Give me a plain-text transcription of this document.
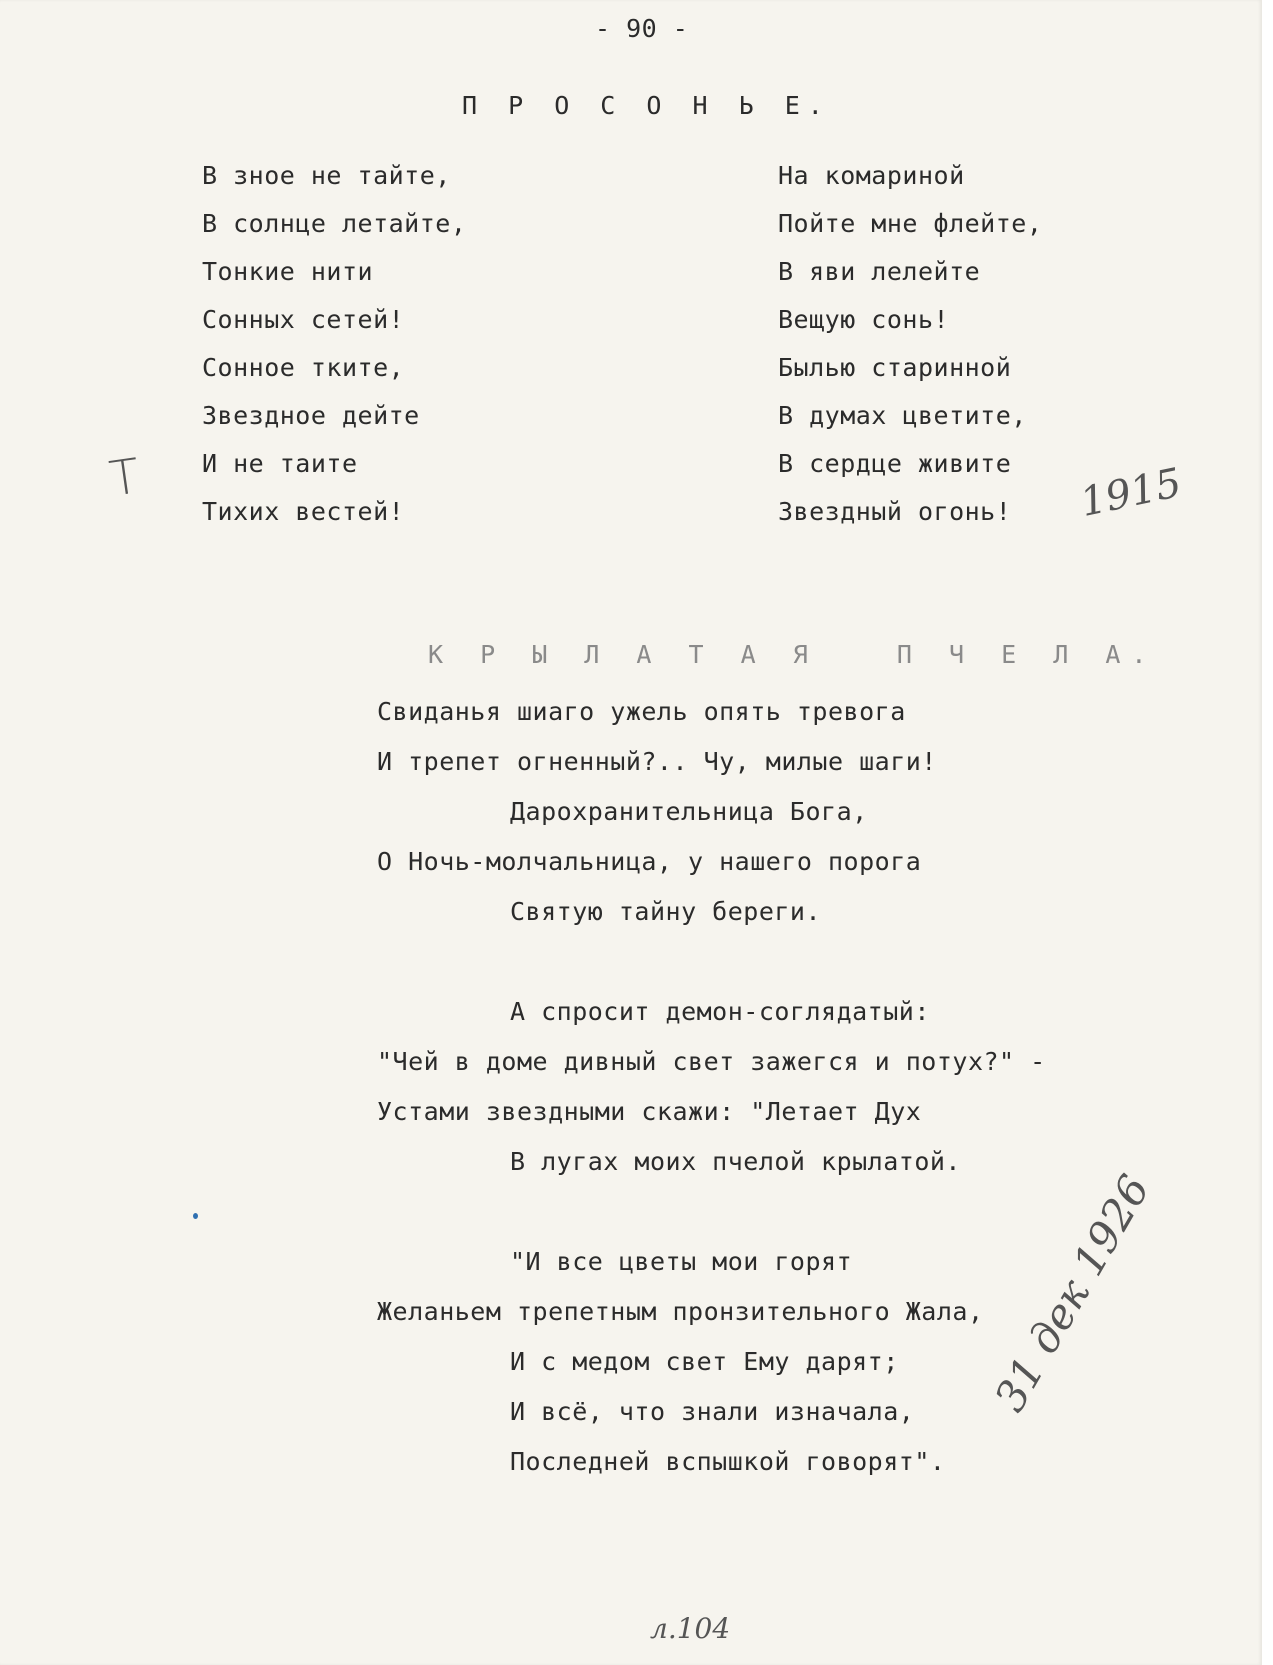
- 90 -
П Р О С О Н Ь Е.
В зное не тайте,
В солнце летайте,
Тонкие нити
Сонных сетей!
Сонное тките,
Звездное дейте
И не таите
Тихих вестей!
На комариной
Пойте мне флейте,
В яви лелейте
Вещую сонь!
Былью старинной
В думах цветите,
В сердце живите
Звездный огонь!
К Р Ы Л А Т А Я   П Ч Е Л А.
Свиданья шиаго ужель опять тревога
И трепет огненный?.. Чу, милые шаги!
Дарохранительница Бога,
О Ночь-молчальница, у нашего порога
Святую тайну береги.
А спросит демон-соглядатый:
"Чей в доме дивный свет зажегся и потух?" -
Устами звездными скажи: "Летает Дух
В лугах моих пчелой крылатой.
"И все цветы мои горят
Желаньем трепетным пронзительного Жала,
И с медом свет Ему дарят;
И всё, что знали изначала,
Последней вспышкой говорят".
Т	1915
31 дек 1926
л.104
